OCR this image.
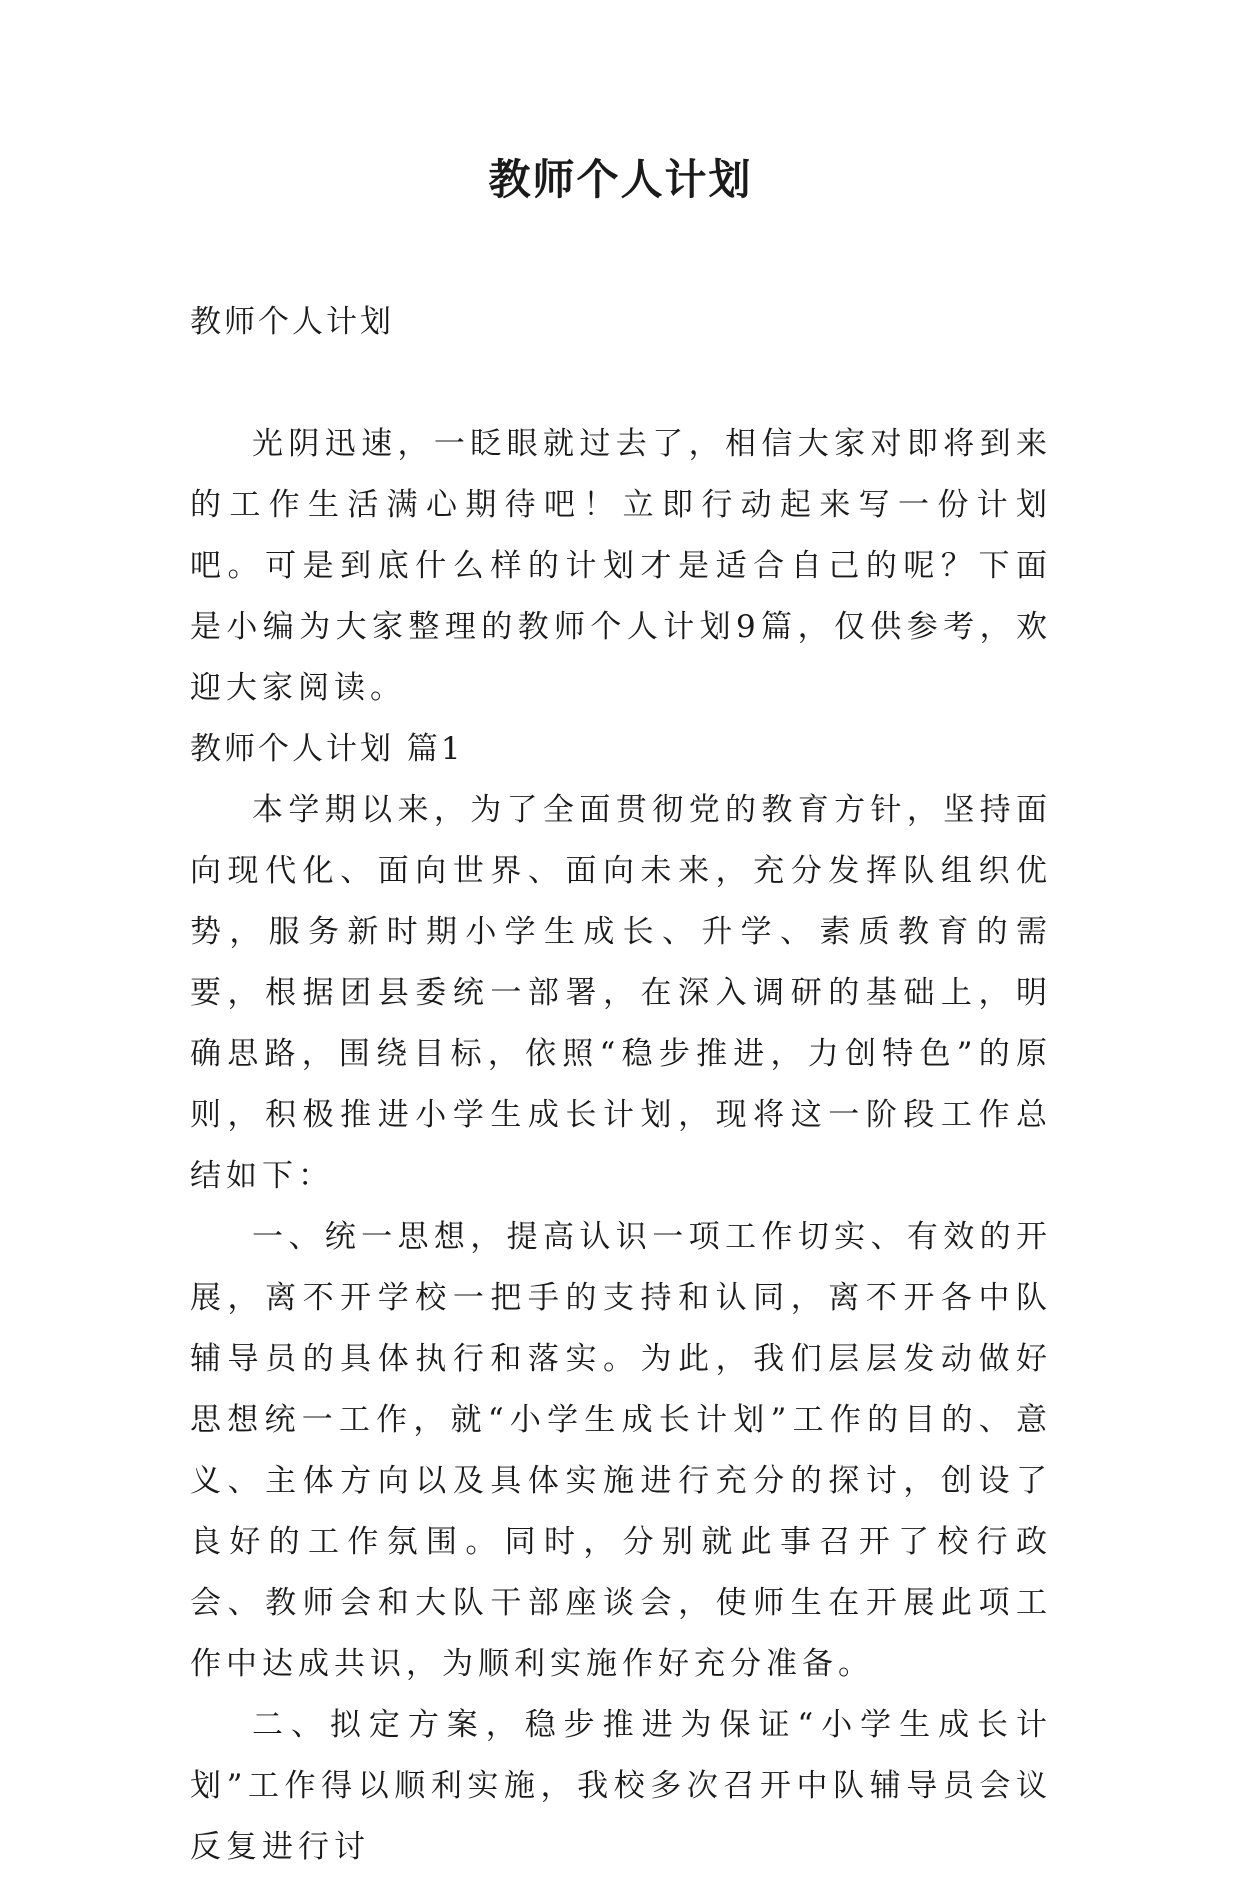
教师个人计划

教师个人计划

光阴迅速，一眨眼就过去了，相信大家对即将到来的工作生活满心期待吧！立即行动起来写一份计划吧。可是到底什么样的计划才是适合自己的呢？下面是小编为大家整理的教师个人计划9篇，仅供参考，欢迎大家阅读。

教师个人计划 篇1

本学期以来，为了全面贯彻党的教育方针，坚持面向现代化、面向世界、面向未来，充分发挥队组织优势，服务新时期小学生成长、升学、素质教育的需要，根据团县委统一部署，在深入调研的基础上，明确思路，围绕目标，依照“稳步推进，力创特色”的原则，积极推进小学生成长计划，现将这一阶段工作总结如下：

一、统一思想，提高认识一项工作切实、有效的开展，离不开学校一把手的支持和认同，离不开各中队辅导员的具体执行和落实。为此，我们层层发动做好思想统一工作，就“小学生成长计划”工作的目的、意义、主体方向以及具体实施进行充分的探讨，创设了良好的工作氛围。同时，分别就此事召开了校行政会、教师会和大队干部座谈会，使师生在开展此项工作中达成共识，为顺利实施作好充分准备。

二、拟定方案，稳步推进为保证“小学生成长计划”工作得以顺利实施，我校多次召开中队辅导员会议反复进行讨
